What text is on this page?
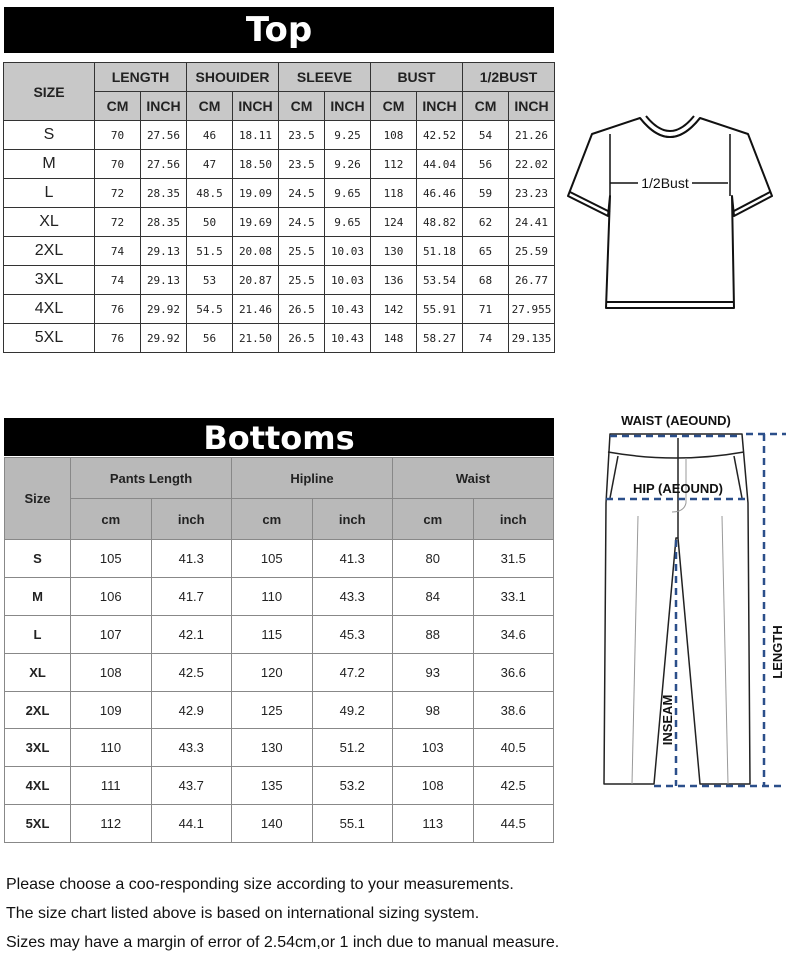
Top
SIZE	LENGTH		SHOUIDER		SLEEVE		BUST		1/2BUST	
	CM	INCH	CM	INCH	CM	INCH	CM	INCH	CM	INCH
S	70	27.56	46	18.11	23.5	9.25	108	42.52	54	21.26
M	70	27.56	47	18.50	23.5	9.26	112	44.04	56	22.02
L	72	28.35	48.5	19.09	24.5	9.65	118	46.46	59	23.23
XL	72	28.35	50	19.69	24.5	9.65	124	48.82	62	24.41
2XL	74	29.13	51.5	20.08	25.5	10.03	130	51.18	65	25.59
3XL	74	29.13	53	20.87	25.5	10.03	136	53.54	68	26.77
4XL	76	29.92	54.5	21.46	26.5	10.43	142	55.91	71	27.955
5XL	76	29.92	56	21.50	26.5	10.43	148	58.27	74	29.135
1/2Bust
Bottoms
Size	Pants Length		Hipline		Waist	
	cm	inch	cm	inch	cm	inch
S	105	41.3	105	41.3	80	31.5
M	106	41.7	110	43.3	84	33.1
L	107	42.1	115	45.3	88	34.6
XL	108	42.5	120	47.2	93	36.6
2XL	109	42.9	125	49.2	98	38.6
3XL	110	43.3	130	51.2	103	40.5
4XL	111	43.7	135	53.2	108	42.5
5XL	112	44.1	140	55.1	113	44.5
WAIST (AEOUND)
HIP (AEOUND)
INSEAM
LENGTH
Please choose a coo-responding size according to your measurements.
The size chart listed above is based on international sizing system.
Sizes may have a margin of error of 2.54cm,or 1 inch due to manual measure.
